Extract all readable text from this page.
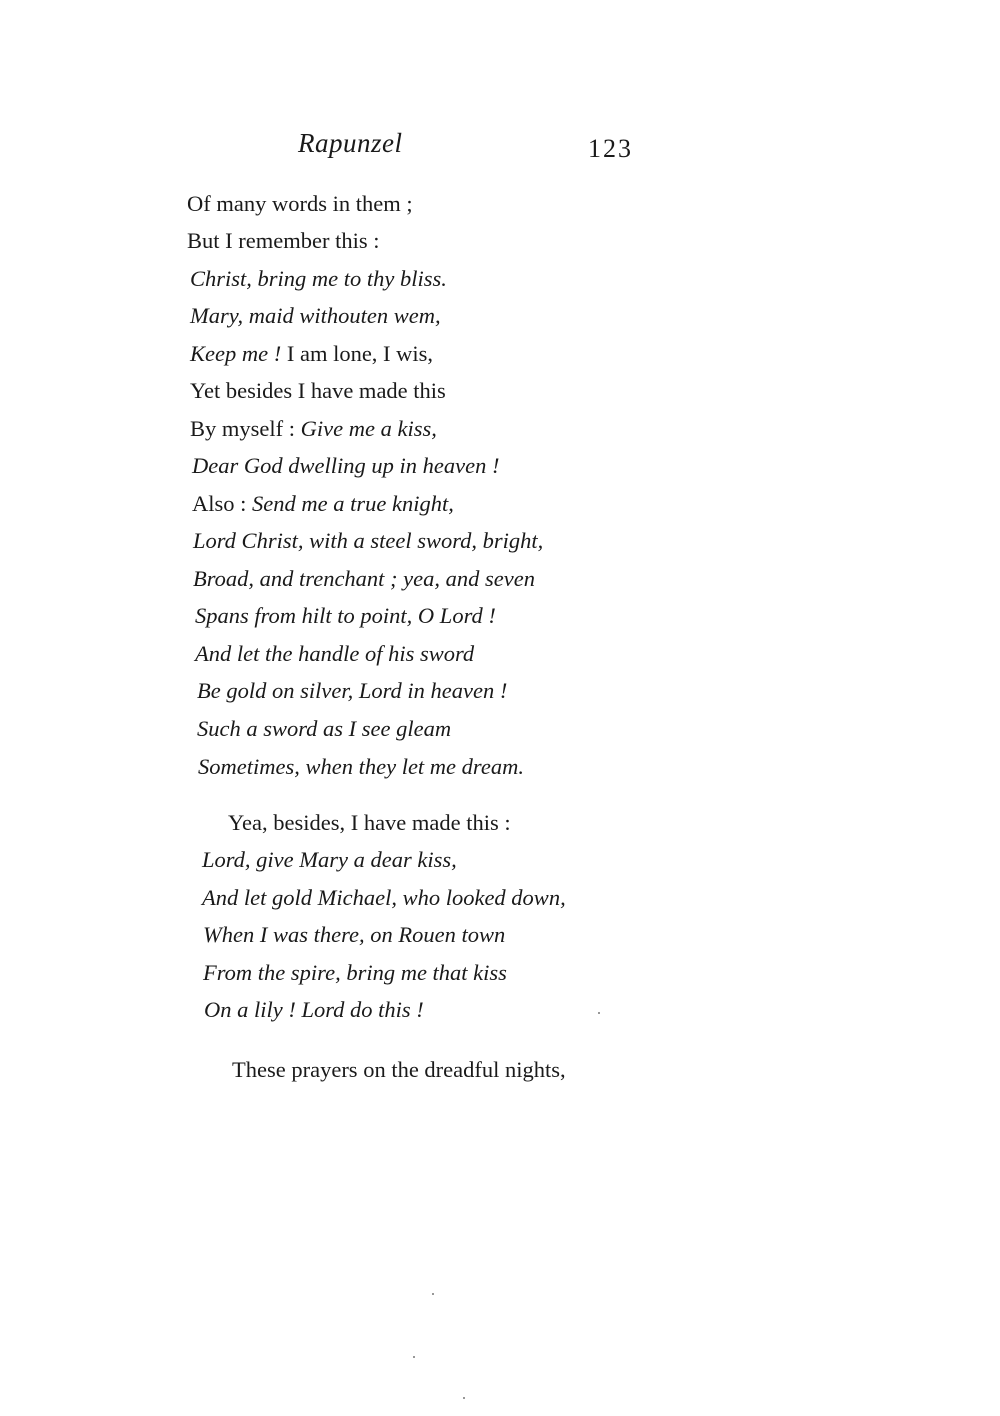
Rapunzel	123
Of many words in them ;
But I remember this :
Christ, bring me to thy bliss.
Mary, maid withouten wem,
Keep me ! I am lone, I wis,
Yet besides I have made this
By myself : Give me a kiss,
Dear God dwelling up in heaven !
Also : Send me a true knight,
Lord Christ, with a steel sword, bright,
Broad, and trenchant ; yea, and seven
Spans from hilt to point, O Lord !
And let the handle of his sword
Be gold on silver, Lord in heaven !
Such a sword as I see gleam
Sometimes, when they let me dream.
Yea, besides, I have made this :
Lord, give Mary a dear kiss,
And let gold Michael, who looked down,
When I was there, on Rouen town
From the spire, bring me that kiss
On a lily ! Lord do this !
These prayers on the dreadful nights,
